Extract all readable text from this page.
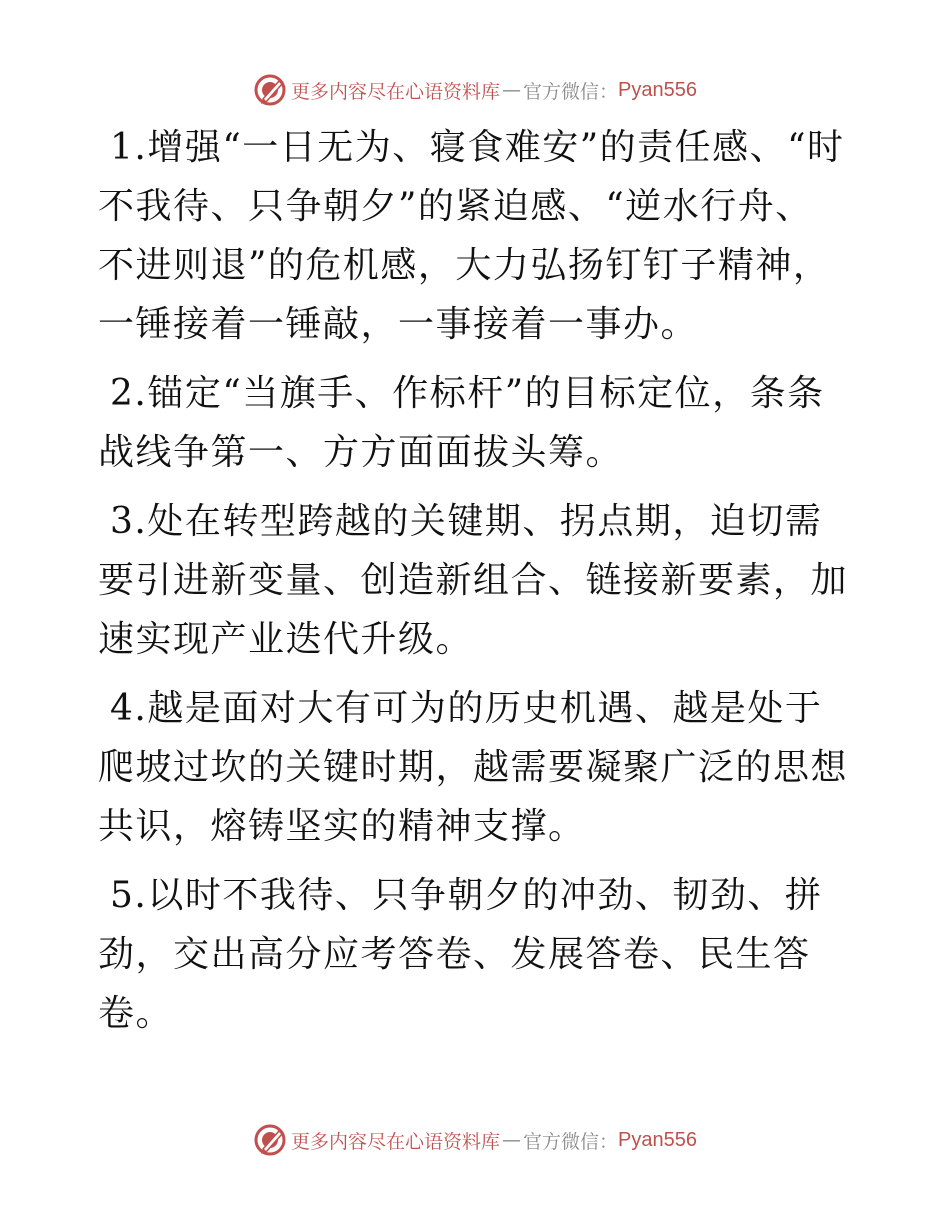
更多内容尽在心语资料库 — 官方微信： Pyan556

1.增强“一日无为、寝食难安”的责任感、“时不我待、只争朝夕”的紧迫感、“逆水行舟、不进则退”的危机感，大力弘扬钉钉子精神，一锤接着一锤敲，一事接着一事办。

2.锚定“当旗手、作标杆”的目标定位，条条战线争第一、方方面面拔头筹。

3.处在转型跨越的关键期、拐点期，迫切需要引进新变量、创造新组合、链接新要素，加速实现产业迭代升级。

4.越是面对大有可为的历史机遇、越是处于爬坡过坎的关键时期，越需要凝聚广泛的思想共识，熔铸坚实的精神支撑。

5.以时不我待、只争朝夕的冲劲、韧劲、拼劲，交出高分应考答卷、发展答卷、民生答卷。

更多内容尽在心语资料库 — 官方微信： Pyan556
